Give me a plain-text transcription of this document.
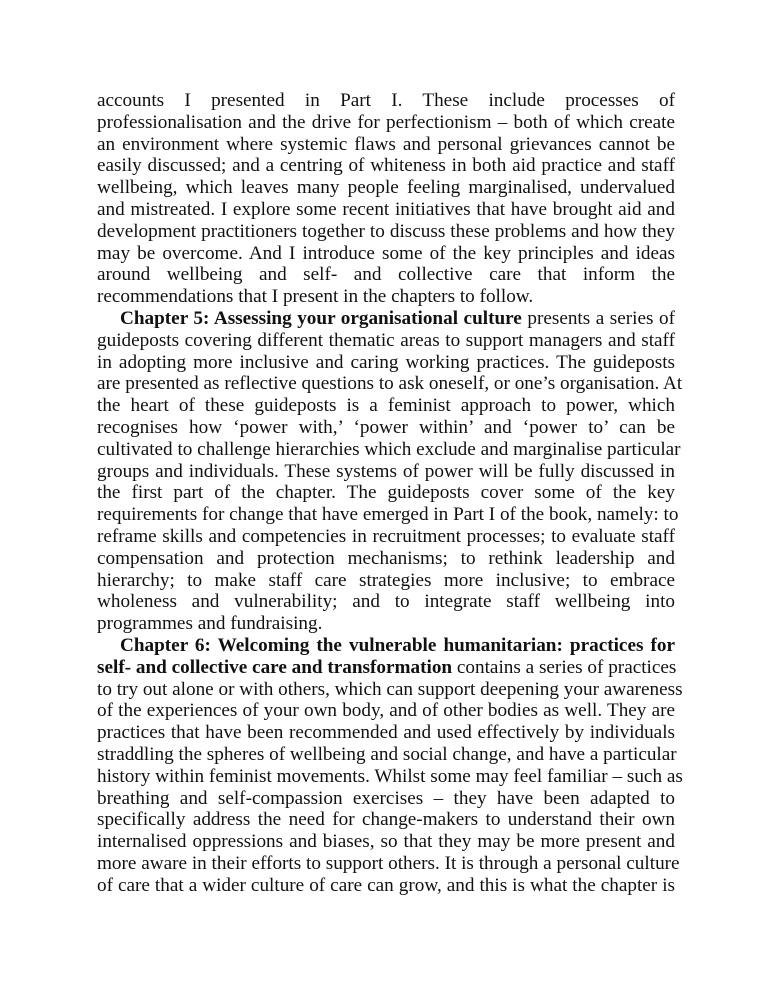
accounts I presented in Part I. These include processes of
professionalisation and the drive for perfectionism – both of which create
an environment where systemic flaws and personal grievances cannot be
easily discussed; and a centring of whiteness in both aid practice and staff
wellbeing, which leaves many people feeling marginalised, undervalued
and mistreated. I explore some recent initiatives that have brought aid and
development practitioners together to discuss these problems and how they
may be overcome. And I introduce some of the key principles and ideas
around wellbeing and self- and collective care that inform the
recommendations that I present in the chapters to follow.
Chapter 5: Assessing your organisational culture presents a series of
guideposts covering different thematic areas to support managers and staff
in adopting more inclusive and caring working practices. The guideposts
are presented as reflective questions to ask oneself, or one’s organisation. At
the heart of these guideposts is a feminist approach to power, which
recognises how ‘power with,’ ‘power within’ and ‘power to’ can be
cultivated to challenge hierarchies which exclude and marginalise particular
groups and individuals. These systems of power will be fully discussed in
the first part of the chapter. The guideposts cover some of the key
requirements for change that have emerged in Part I of the book, namely: to
reframe skills and competencies in recruitment processes; to evaluate staff
compensation and protection mechanisms; to rethink leadership and
hierarchy; to make staff care strategies more inclusive; to embrace
wholeness and vulnerability; and to integrate staff wellbeing into
programmes and fundraising.
Chapter 6: Welcoming the vulnerable humanitarian: practices for
self- and collective care and transformation contains a series of practices
to try out alone or with others, which can support deepening your awareness
of the experiences of your own body, and of other bodies as well. They are
practices that have been recommended and used effectively by individuals
straddling the spheres of wellbeing and social change, and have a particular
history within feminist movements. Whilst some may feel familiar – such as
breathing and self-compassion exercises – they have been adapted to
specifically address the need for change-makers to understand their own
internalised oppressions and biases, so that they may be more present and
more aware in their efforts to support others. It is through a personal culture
of care that a wider culture of care can grow, and this is what the chapter is
